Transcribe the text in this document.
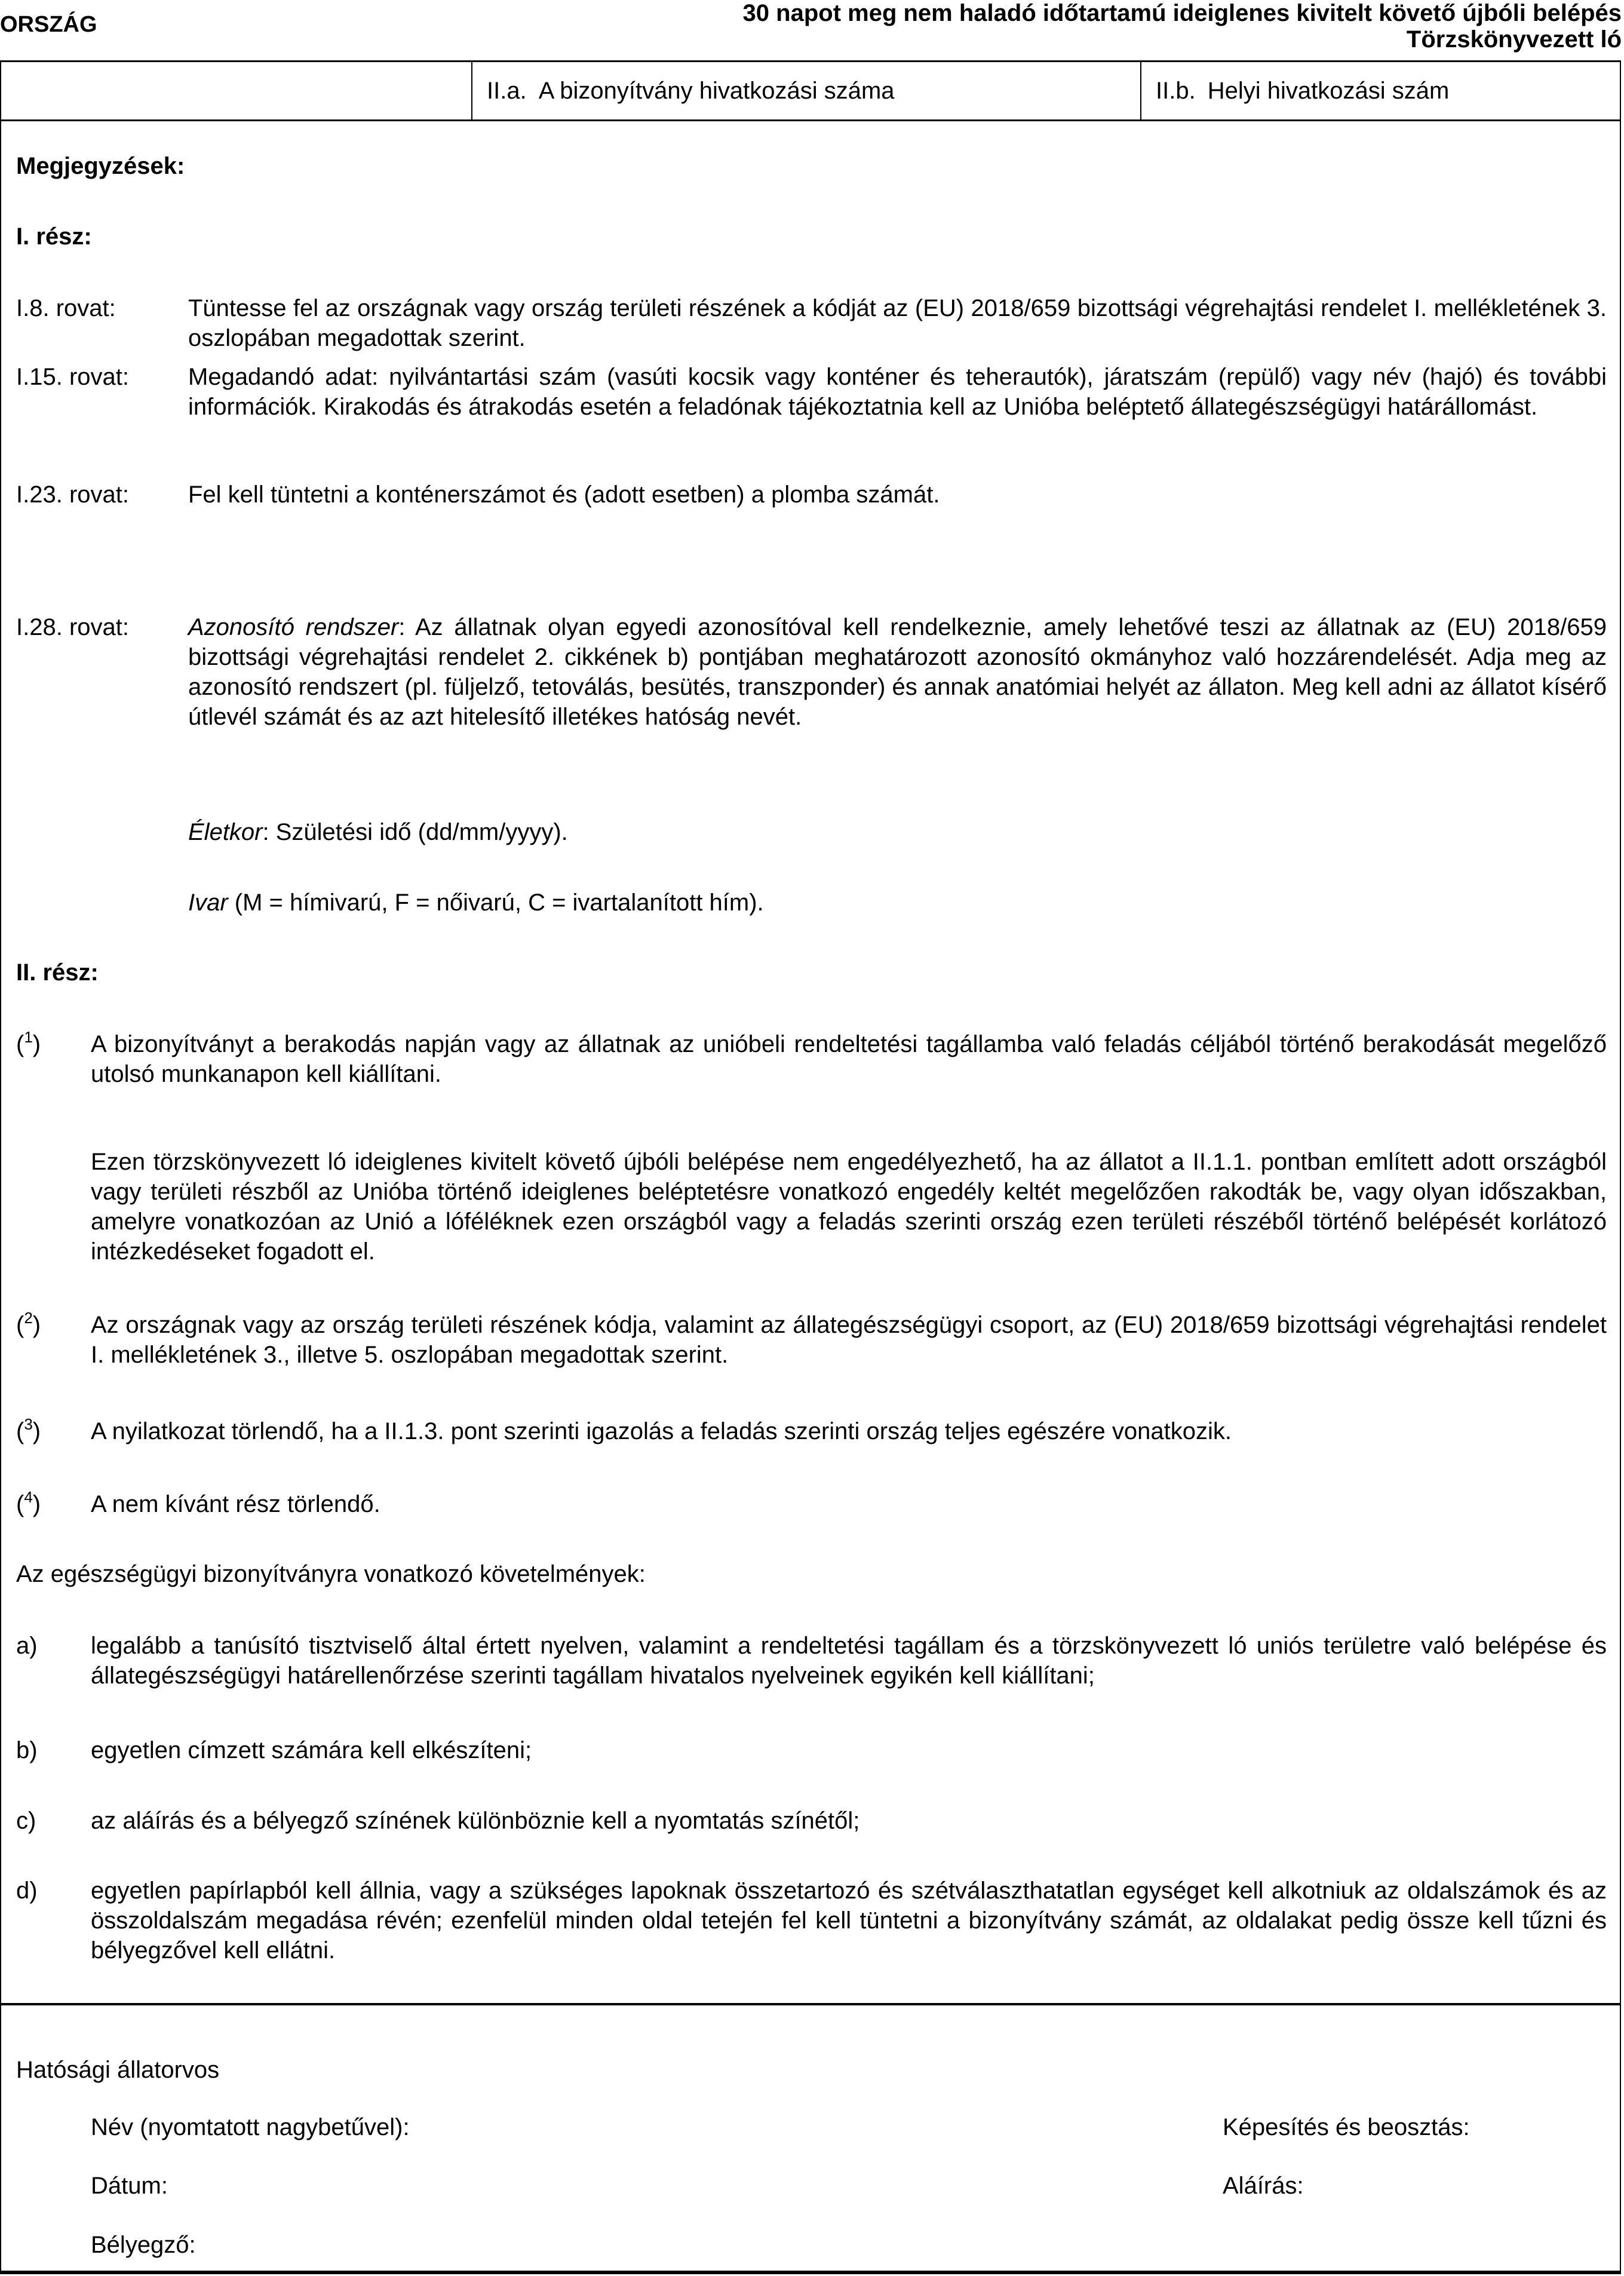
ORSZÁG	30 napot meg nem haladó időtartamú ideiglenes kivitelt követő újbóli belépés
Törzskönyvezett ló
II.a. A bizonyítvány hivatkozási száma	II.b. Helyi hivatkozási szám
Megjegyzések:
I. rész:
I.8. rovat:	Tüntesse fel az országnak vagy ország területi részének a kódját az (EU) 2018/659 bizottsági végrehajtási rendelet I. mellékletének 3. oszlopában megadottak szerint.
I.15. rovat: Megadandó adat: nyilvántartási szám (vasúti kocsik vagy konténer és teherautók), járatszám (repülő) vagy név (hajó) és további információk. Kirakodás és átrakodás esetén a feladónak tájékoztatnia kell az Unióba beléptető állategészségügyi határállomást.
I.23. rovat: Fel kell tüntetni a konténerszámot és (adott esetben) a plomba számát.
I.28. rovat: Azonosító rendszer: Az állatnak olyan egyedi azonosítóval kell rendelkeznie, amely lehetővé teszi az állatnak az (EU) 2018/659 bizottsági végrehajtási rendelet 2. cikkének b) pontjában meghatározott azonosító okmányhoz való hozzárendelését. Adja meg az azonosító rendszert (pl. füljelző, tetoválás, besütés, transzponder) és annak anatómiai helyét az állaton. Meg kell adni az állatot kísérő útlevél számát és az azt hitelesítő illetékes hatóság nevét.
Életkor: Születési idő (dd/mm/yyyy).
Ivar (M = hímivarú, F = nőivarú, C = ivartalanított hím).
II. rész:
($^1$) A bizonyítványt a berakodás napján vagy az állatnak az unióbeli rendeltetési tagállamba való feladás céljából történő berakodását megelőző utolsó munkanapon kell kiállítani.
Ezen törzskönyvezett ló ideiglenes kivitelt követő újbóli belépése nem engedélyezhető, ha az állatot a II.1.1. pontban említett adott országból vagy területi részből az Unióba történő ideiglenes beléptetésre vonatkozó engedély keltét megelőzően rakodták be, vagy olyan időszakban, amelyre vonatkozóan az Unió a lóféléknek ezen országból vagy a feladás szerinti ország ezen területi részéből történő belépését korlátozó intézkedéseket fogadott el.
($^2$) Az országnak vagy az ország területi részének kódja, valamint az állategészségügyi csoport, az (EU) 2018/659 bizottsági végrehajtási rendelet I. mellékletének 3., illetve 5. oszlopában megadottak szerint.
($^3$) A nyilatkozat törlendő, ha a II.1.3. pont szerinti igazolás a feladás szerinti ország teljes egészére vonatkozik.
($^4$) A nem kívánt rész törlendő.
Az egészségügyi bizonyítványra vonatkozó követelmények:
a) legalább a tanúsító tisztviselő által értett nyelven, valamint a rendeltetési tagállam és a törzskönyvezett ló uniós területre való belépése és állategészségügyi határellenőrzése szerinti tagállam hivatalos nyelveinek egyikén kell kiállítani;
b) egyetlen címzett számára kell elkészíteni;
c) az aláírás és a bélyegző színének különböznie kell a nyomtatás színétől;
d) egyetlen papírlapból kell állnia, vagy a szükséges lapoknak összetartozó és szétválaszthatatlan egységet kell alkotniuk az oldalszámok és az összoldalszám megadása révén; ezenfelül minden oldal tetején fel kell tüntetni a bizonyítvány számát, az oldalakat pedig össze kell tűzni és bélyegzővel kell ellátni.
Hatósági állatorvos
Név (nyomtatott nagybetűvel):	Képesítés és beosztás:
Dátum:	Aláírás:
Bélyegző:
